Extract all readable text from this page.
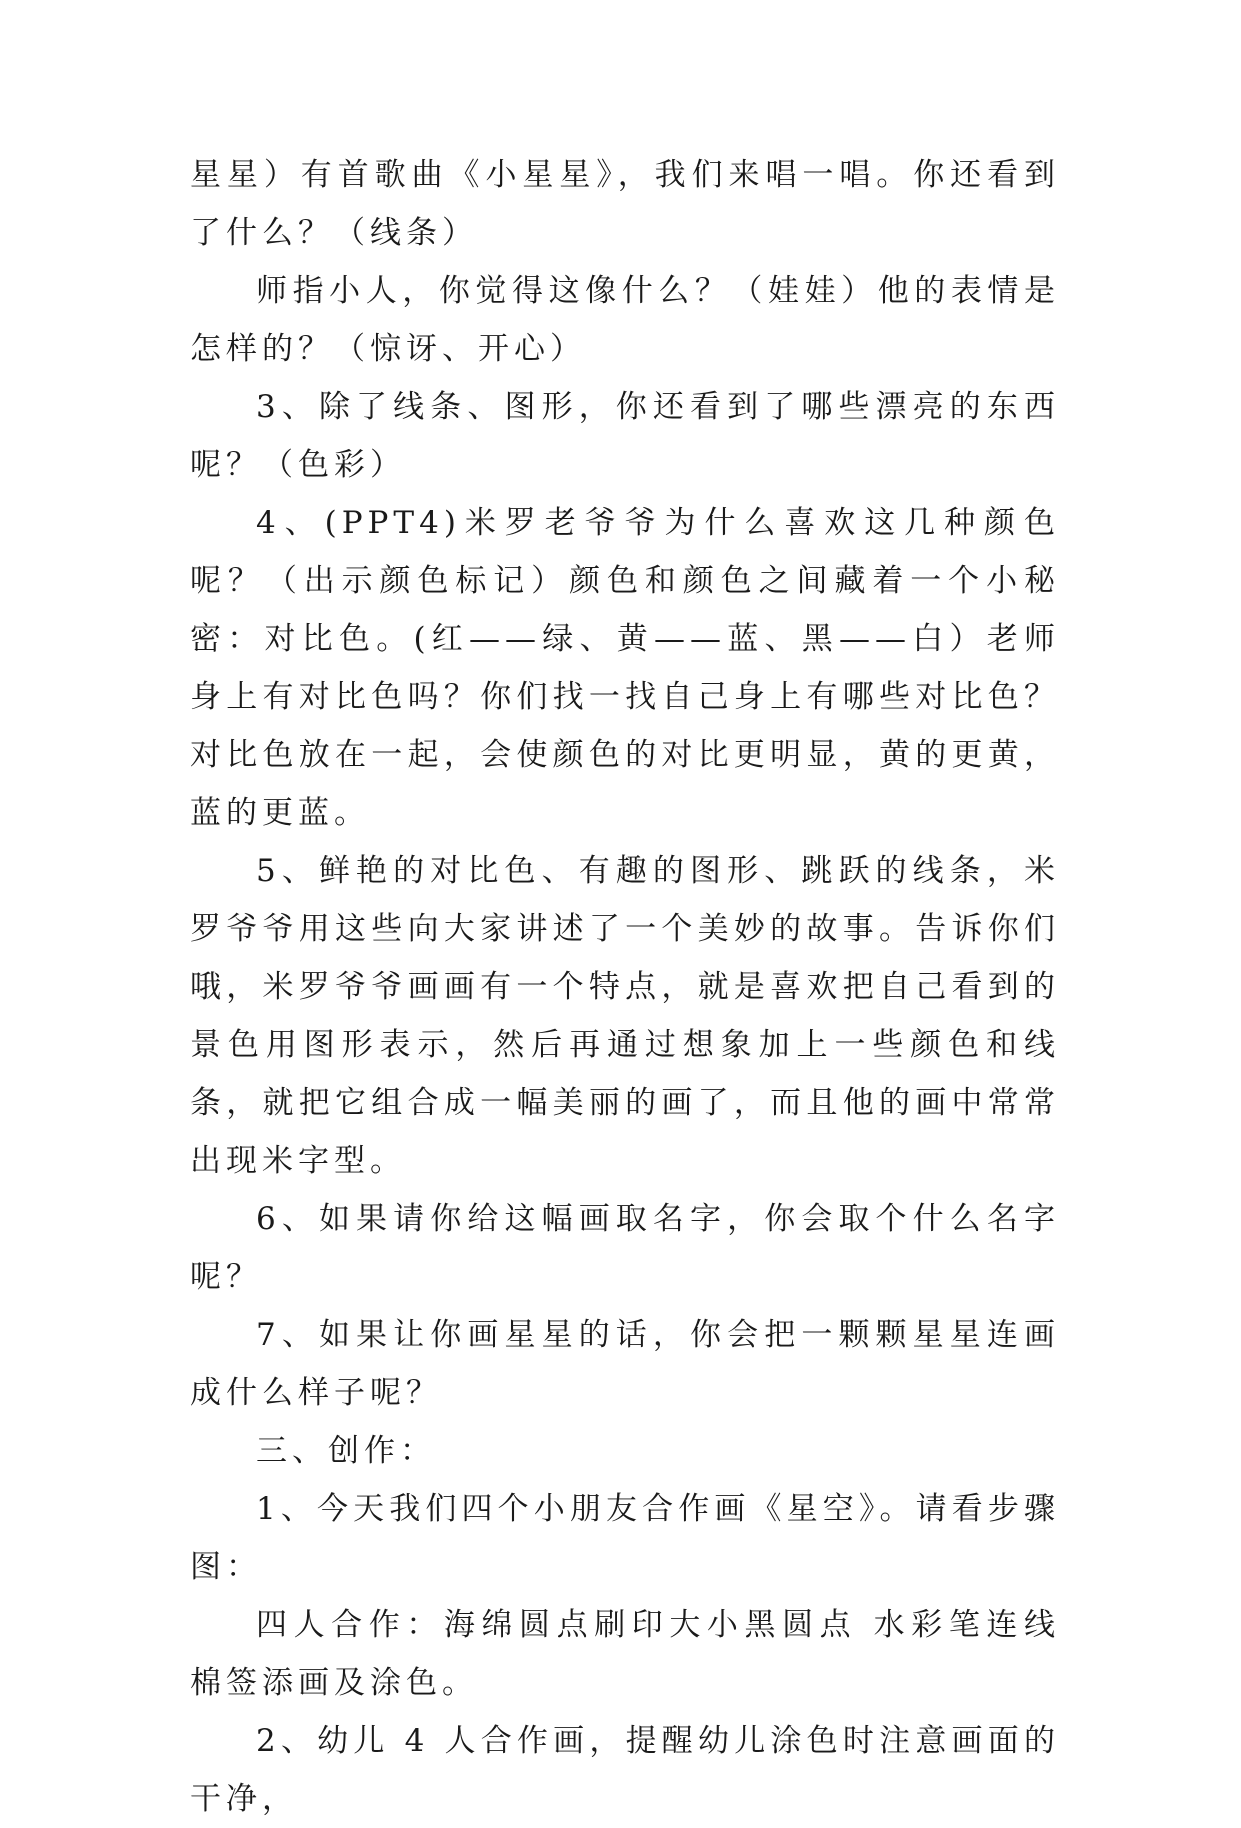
星星）有首歌曲《小星星》，我们来唱一唱。你还看到了什么？（线条）

师指小人，你觉得这像什么？（娃娃）他的表情是怎样的？（惊讶、开心）

3、除了线条、图形，你还看到了哪些漂亮的东西呢？（色彩）

4、(PPT4)米罗老爷爷为什么喜欢这几种颜色呢？（出示颜色标记）颜色和颜色之间藏着一个小秘密：对比色。(红——绿、黄——蓝、黑——白）老师身上有对比色吗？你们找一找自己身上有哪些对比色？对比色放在一起，会使颜色的对比更明显，黄的更黄，蓝的更蓝。

5、鲜艳的对比色、有趣的图形、跳跃的线条，米罗爷爷用这些向大家讲述了一个美妙的故事。告诉你们哦，米罗爷爷画画有一个特点，就是喜欢把自己看到的景色用图形表示，然后再通过想象加上一些颜色和线条，就把它组合成一幅美丽的画了，而且他的画中常常出现米字型。

6、如果请你给这幅画取名字，你会取个什么名字呢？

7、如果让你画星星的话，你会把一颗颗星星连画成什么样子呢？

三、创作：

1、今天我们四个小朋友合作画《星空》。请看步骤图：

四人合作：海绵圆点刷印大小黑圆点 水彩笔连线 棉签添画及涂色。

2、幼儿 4 人合作画，提醒幼儿涂色时注意画面的干净，
